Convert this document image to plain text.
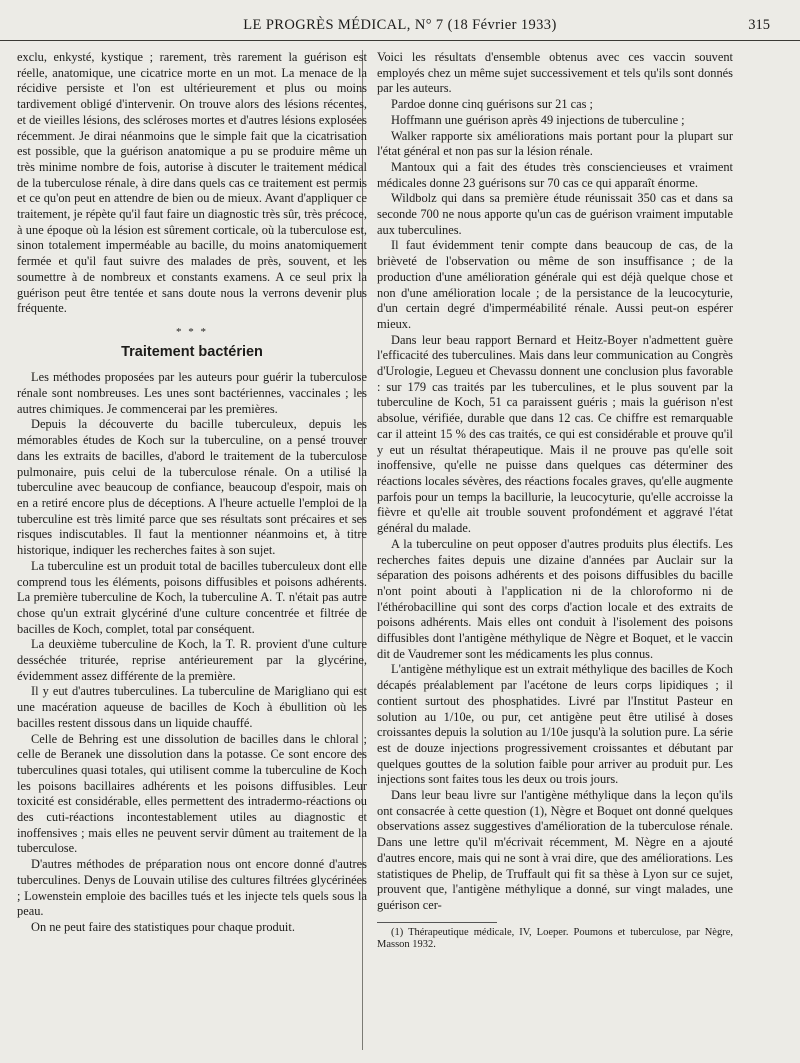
LE PROGRÈS MÉDICAL, N° 7 (18 Février 1933)	315

exclu, enkysté, kystique ; rarement, très rarement la guérison est réelle, anatomique, une cicatrice morte en un mot. La menace de la récidive persiste et l'on est ultérieurement et plus ou moins tardivement obligé d'intervenir. On trouve alors des lésions récentes, et de vieilles lésions, des scléroses mortes et d'autres lésions explosées récemment. Je dirai néanmoins que le simple fait que la cicatrisation est possible, que la guérison anatomique a pu se produire même un très minime nombre de fois, autorise à discuter le traitement médical de la tuberculose rénale, à dire dans quels cas ce traitement est permis et ce qu'on peut en attendre de bien ou de mieux. Avant d'appliquer ce traitement, je répète qu'il faut faire un diagnostic très sûr, très précoce, à une époque où la lésion est sûrement corticale, où la tuberculose est, sinon totalement imperméable au bacille, du moins anatomiquement fermée et qu'il faut suivre des malades de près, souvent, et les soumettre à de nombreux et constants examens. A ce seul prix la guérison peut être tentée et sans doute nous la verrons devenir plus fréquente.

* * *
Traitement bactérien

Les méthodes proposées par les auteurs pour guérir la tuberculose rénale sont nombreuses. Les unes sont bactériennes, vaccinales ; les autres chimiques. Je commencerai par les premières.

Depuis la découverte du bacille tuberculeux, depuis les mémorables études de Koch sur la tuberculine, on a pensé trouver dans les extraits de bacilles, d'abord le traitement de la tuberculose pulmonaire, puis celui de la tuberculose rénale. On a utilisé la tuberculine avec beaucoup de confiance, beaucoup d'espoir, mais on en a retiré encore plus de déceptions. A l'heure actuelle l'emploi de la tuberculine est très limité parce que ses résultats sont précaires et ses risques indiscutables. Il faut la mentionner néanmoins et, à titre historique, indiquer les recherches faites à son sujet.

La tuberculine est un produit total de bacilles tuberculeux dont elle comprend tous les éléments, poisons diffusibles et poisons adhérents. La première tuberculine de Koch, la tuberculine A. T. n'était pas autre chose qu'un extrait glycériné d'une culture concentrée et filtrée de bacilles de Koch, complet, total par conséquent.

La deuxième tuberculine de Koch, la T. R. provient d'une culture desséchée triturée, reprise antérieurement par la glycérine, évidemment assez différente de la première.

Il y eut d'autres tuberculines. La tuberculine de Marigliano qui est une macération aqueuse de bacilles de Koch à ébullition où les bacilles restent dissous dans un liquide chauffé.

Celle de Behring est une dissolution de bacilles dans le chloral ; celle de Beranek une dissolution dans la potasse. Ce sont encore des tuberculines quasi totales, qui utilisent comme la tuberculine de Koch les poisons bacillaires adhérents et les poisons diffusibles. Leur toxicité est considérable, elles permettent des intradermo-réactions ou des cuti-réactions incontestablement utiles au diagnostic et inoffensives ; mais elles ne peuvent servir dûment au traitement de la tuberculose.

D'autres méthodes de préparation nous ont encore donné d'autres tuberculines. Denys de Louvain utilise des cultures filtrées glycérinées ; Lowenstein emploie des bacilles tués et les injecte tels quels sous la peau.

On ne peut faire des statistiques pour chaque produit.

Voici les résultats d'ensemble obtenus avec ces vaccin souvent employés chez un même sujet successivement et tels qu'ils sont donnés par les auteurs.

Pardoe donne cinq guérisons sur 21 cas ;

Hoffmann une guérison après 49 injections de tuberculine ;

Walker rapporte six améliorations mais portant pour la plupart sur l'état général et non pas sur la lésion rénale.

Mantoux qui a fait des études très consciencieuses et vraiment médicales donne 23 guérisons sur 70 cas ce qui apparaît énorme.

Wildbolz qui dans sa première étude réunissait 350 cas et dans sa seconde 700 ne nous apporte qu'un cas de guérison vraiment imputable aux tuberculines.

Il faut évidemment tenir compte dans beaucoup de cas, de la brièveté de l'observation ou même de son insuffisance ; de la production d'une amélioration générale qui est déjà quelque chose et non d'une amélioration locale ; de la persistance de la leucocyturie, d'un certain degré d'imperméabilité rénale. Aussi peut-on espérer mieux.

Dans leur beau rapport Bernard et Heitz-Boyer n'admettent guère l'efficacité des tuberculines. Mais dans leur communication au Congrès d'Urologie, Legueu et Chevassu donnent une conclusion plus favorable : sur 179 cas traités par les tuberculines, et le plus souvent par la tuberculine de Koch, 51 ca paraissent guéris ; mais la guérison n'est absolue, vérifiée, durable que dans 12 cas. Ce chiffre est remarquable car il atteint 15 % des cas traités, ce qui est considérable et prouve qu'il y eut un résultat thérapeutique. Mais il ne prouve pas qu'elle soit inoffensive, qu'elle ne puisse dans quelques cas déterminer des réactions locales sévères, des réactions focales graves, qu'elle augmente parfois pour un temps la bacillurie, la leucocyturie, qu'elle accroisse la fièvre et qu'elle ait trouble souvent profondément et aggravé l'état général du malade.

A la tuberculine on peut opposer d'autres produits plus électifs. Les recherches faites depuis une dizaine d'années par Auclair sur la séparation des poisons adhérents et des poisons diffusibles du bacille n'ont point abouti à l'application ni de la chloroformo ni de l'éthérobacilline qui sont des corps d'action locale et des extraits de poisons adhérents. Mais elles ont conduit à l'isolement des poisons diffusibles dont l'antigène méthylique de Nègre et Boquet, et le vaccin dit de Vaudremer sont les médicaments les plus connus.

L'antigène méthylique est un extrait méthylique des bacilles de Koch décapés préalablement par l'acétone de leurs corps lipidiques ; il contient surtout des phosphatides. Livré par l'Institut Pasteur en solution au 1/10e, ou pur, cet antigène peut être utilisé à doses croissantes depuis la solution au 1/10e jusqu'à la solution pure. La série est de douze injections progressivement croissantes et débutant par quelques gouttes de la solution faible pour arriver au produit pur. Les injections sont faites tous les deux ou trois jours.

Dans leur beau livre sur l'antigène méthylique dans la leçon qu'ils ont consacrée à cette question (1), Nègre et Boquet ont donné quelques observations assez suggestives d'amélioration de la tuberculose rénale. Dans une lettre qu'il m'écrivait récemment, M. Nègre en a ajouté d'autres encore, mais qui ne sont à vrai dire, que des améliorations. Les statistiques de Phelip, de Truffault qui fit sa thèse à Lyon sur ce sujet, prouvent que, l'antigène méthylique a donné, sur vingt malades, une guérison cer-

(1) Thérapeutique médicale, IV, Loeper. Poumons et tuberculose, par Nègre, Masson 1932.
